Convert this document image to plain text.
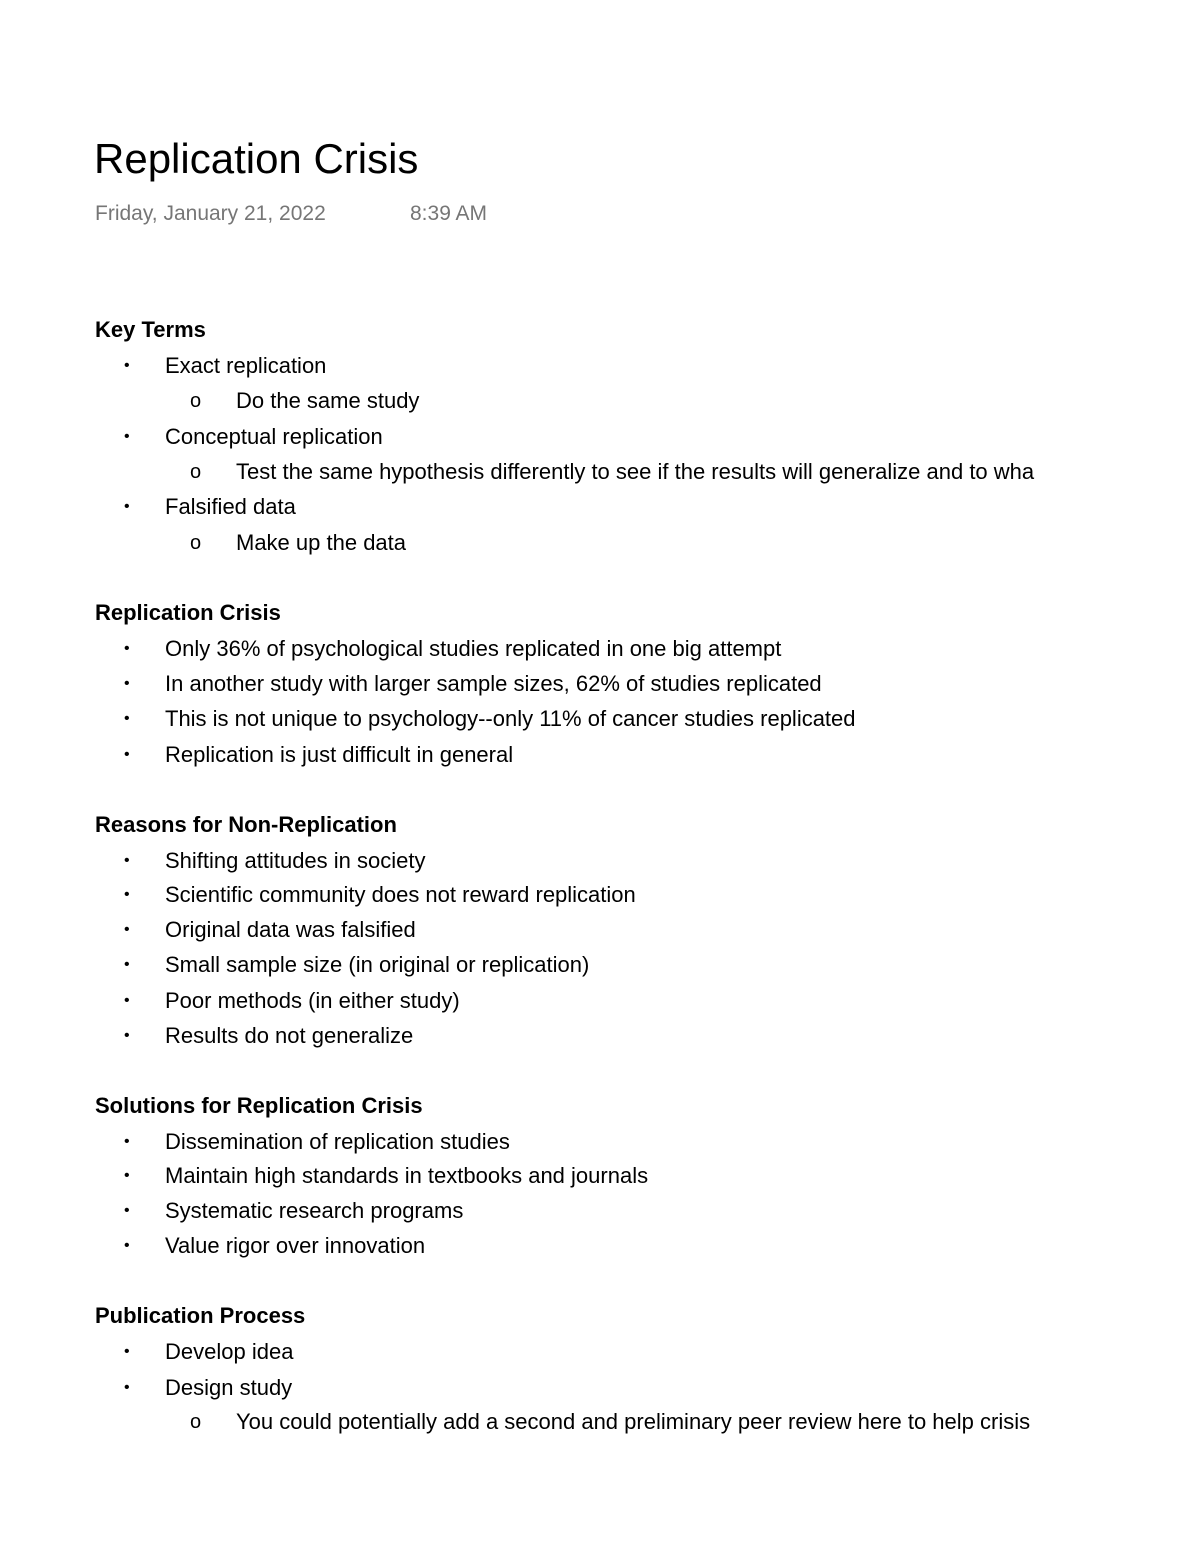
Replication Crisis
Friday, January 21, 2022	8:39 AM
Key Terms
• Exact replication
o Do the same study
• Conceptual replication
o Test the same hypothesis differently to see if the results will generalize and to wha
• Falsified data
o Make up the data
Replication Crisis
• Only 36% of psychological studies replicated in one big attempt
• In another study with larger sample sizes, 62% of studies replicated
• This is not unique to psychology--only 11% of cancer studies replicated
• Replication is just difficult in general
Reasons for Non-Replication
• Shifting attitudes in society
• Scientific community does not reward replication
• Original data was falsified
• Small sample size (in original or replication)
• Poor methods (in either study)
• Results do not generalize
Solutions for Replication Crisis
• Dissemination of replication studies
• Maintain high standards in textbooks and journals
• Systematic research programs
• Value rigor over innovation
Publication Process
• Develop idea
• Design study
o You could potentially add a second and preliminary peer review here to help crisis
